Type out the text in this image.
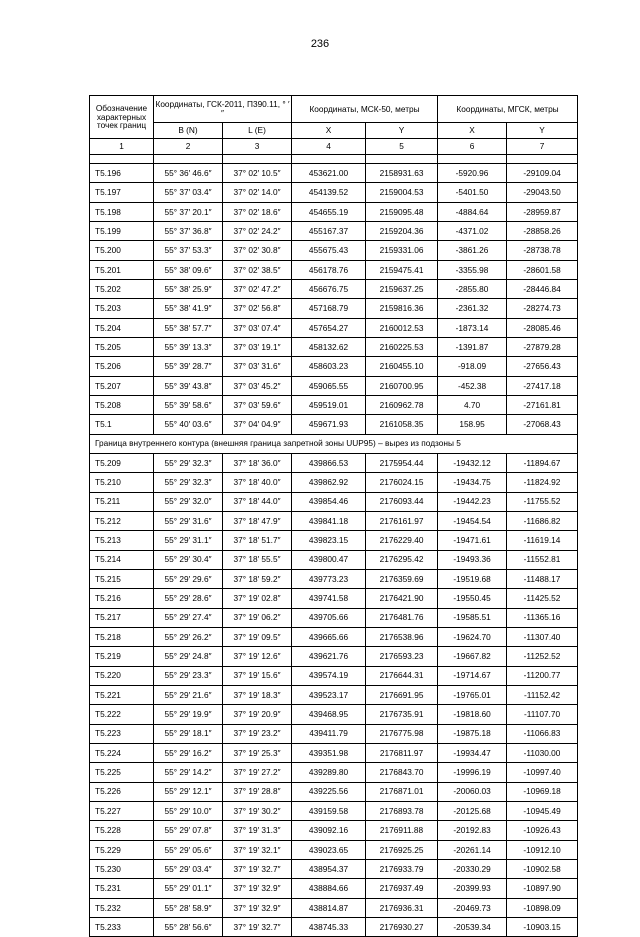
236
Обозначение характерных точек границ	Координаты, ГСК-2011, П390.11, ° ′ ″		Координаты, МСК-50, метры		Координаты, МГСК, метры	
	B (N)	L (E)	X	Y	X	Y
1	2	3	4	5	6	7

Т5.196	55° 36′ 46.6″	37° 02′ 10.5″	453621.00	2158931.63	-5920.96	-29109.04
Т5.197	55° 37′ 03.4″	37° 02′ 14.0″	454139.52	2159004.53	-5401.50	-29043.50
Т5.198	55° 37′ 20.1″	37° 02′ 18.6″	454655.19	2159095.48	-4884.64	-28959.87
Т5.199	55° 37′ 36.8″	37° 02′ 24.2″	455167.37	2159204.36	-4371.02	-28858.26
Т5.200	55° 37′ 53.3″	37° 02′ 30.8″	455675.43	2159331.06	-3861.26	-28738.78
Т5.201	55° 38′ 09.6″	37° 02′ 38.5″	456178.76	2159475.41	-3355.98	-28601.58
Т5.202	55° 38′ 25.9″	37° 02′ 47.2″	456676.75	2159637.25	-2855.80	-28446.84
Т5.203	55° 38′ 41.9″	37° 02′ 56.8″	457168.79	2159816.36	-2361.32	-28274.73
Т5.204	55° 38′ 57.7″	37° 03′ 07.4″	457654.27	2160012.53	-1873.14	-28085.46
Т5.205	55° 39′ 13.3″	37° 03′ 19.1″	458132.62	2160225.53	-1391.87	-27879.28
Т5.206	55° 39′ 28.7″	37° 03′ 31.6″	458603.23	2160455.10	-918.09	-27656.43
Т5.207	55° 39′ 43.8″	37° 03′ 45.2″	459065.55	2160700.95	-452.38	-27417.18
Т5.208	55° 39′ 58.6″	37° 03′ 59.6″	459519.01	2160962.78	4.70	-27161.81
Т5.1	55° 40′ 03.6″	37° 04′ 04.9″	459671.93	2161058.35	158.95	-27068.43
Граница внутреннего контура (внешняя граница запретной зоны UUP95) – вырез из подзоны 5						
Т5.209	55° 29′ 32.3″	37° 18′ 36.0″	439866.53	2175954.44	-19432.12	-11894.67
Т5.210	55° 29′ 32.3″	37° 18′ 40.0″	439862.92	2176024.15	-19434.75	-11824.92
Т5.211	55° 29′ 32.0″	37° 18′ 44.0″	439854.46	2176093.44	-19442.23	-11755.52
Т5.212	55° 29′ 31.6″	37° 18′ 47.9″	439841.18	2176161.97	-19454.54	-11686.82
Т5.213	55° 29′ 31.1″	37° 18′ 51.7″	439823.15	2176229.40	-19471.61	-11619.14
Т5.214	55° 29′ 30.4″	37° 18′ 55.5″	439800.47	2176295.42	-19493.36	-11552.81
Т5.215	55° 29′ 29.6″	37° 18′ 59.2″	439773.23	2176359.69	-19519.68	-11488.17
Т5.216	55° 29′ 28.6″	37° 19′ 02.8″	439741.58	2176421.90	-19550.45	-11425.52
Т5.217	55° 29′ 27.4″	37° 19′ 06.2″	439705.66	2176481.76	-19585.51	-11365.16
Т5.218	55° 29′ 26.2″	37° 19′ 09.5″	439665.66	2176538.96	-19624.70	-11307.40
Т5.219	55° 29′ 24.8″	37° 19′ 12.6″	439621.76	2176593.23	-19667.82	-11252.52
Т5.220	55° 29′ 23.3″	37° 19′ 15.6″	439574.19	2176644.31	-19714.67	-11200.77
Т5.221	55° 29′ 21.6″	37° 19′ 18.3″	439523.17	2176691.95	-19765.01	-11152.42
Т5.222	55° 29′ 19.9″	37° 19′ 20.9″	439468.95	2176735.91	-19818.60	-11107.70
Т5.223	55° 29′ 18.1″	37° 19′ 23.2″	439411.79	2176775.98	-19875.18	-11066.83
Т5.224	55° 29′ 16.2″	37° 19′ 25.3″	439351.98	2176811.97	-19934.47	-11030.00
Т5.225	55° 29′ 14.2″	37° 19′ 27.2″	439289.80	2176843.70	-19996.19	-10997.40
Т5.226	55° 29′ 12.1″	37° 19′ 28.8″	439225.56	2176871.01	-20060.03	-10969.18
Т5.227	55° 29′ 10.0″	37° 19′ 30.2″	439159.58	2176893.78	-20125.68	-10945.49
Т5.228	55° 29′ 07.8″	37° 19′ 31.3″	439092.16	2176911.88	-20192.83	-10926.43
Т5.229	55° 29′ 05.6″	37° 19′ 32.1″	439023.65	2176925.25	-20261.14	-10912.10
Т5.230	55° 29′ 03.4″	37° 19′ 32.7″	438954.37	2176933.79	-20330.29	-10902.58
Т5.231	55° 29′ 01.1″	37° 19′ 32.9″	438884.66	2176937.49	-20399.93	-10897.90
Т5.232	55° 28′ 58.9″	37° 19′ 32.9″	438814.87	2176936.31	-20469.73	-10898.09
Т5.233	55° 28′ 56.6″	37° 19′ 32.7″	438745.33	2176930.27	-20539.34	-10903.15
